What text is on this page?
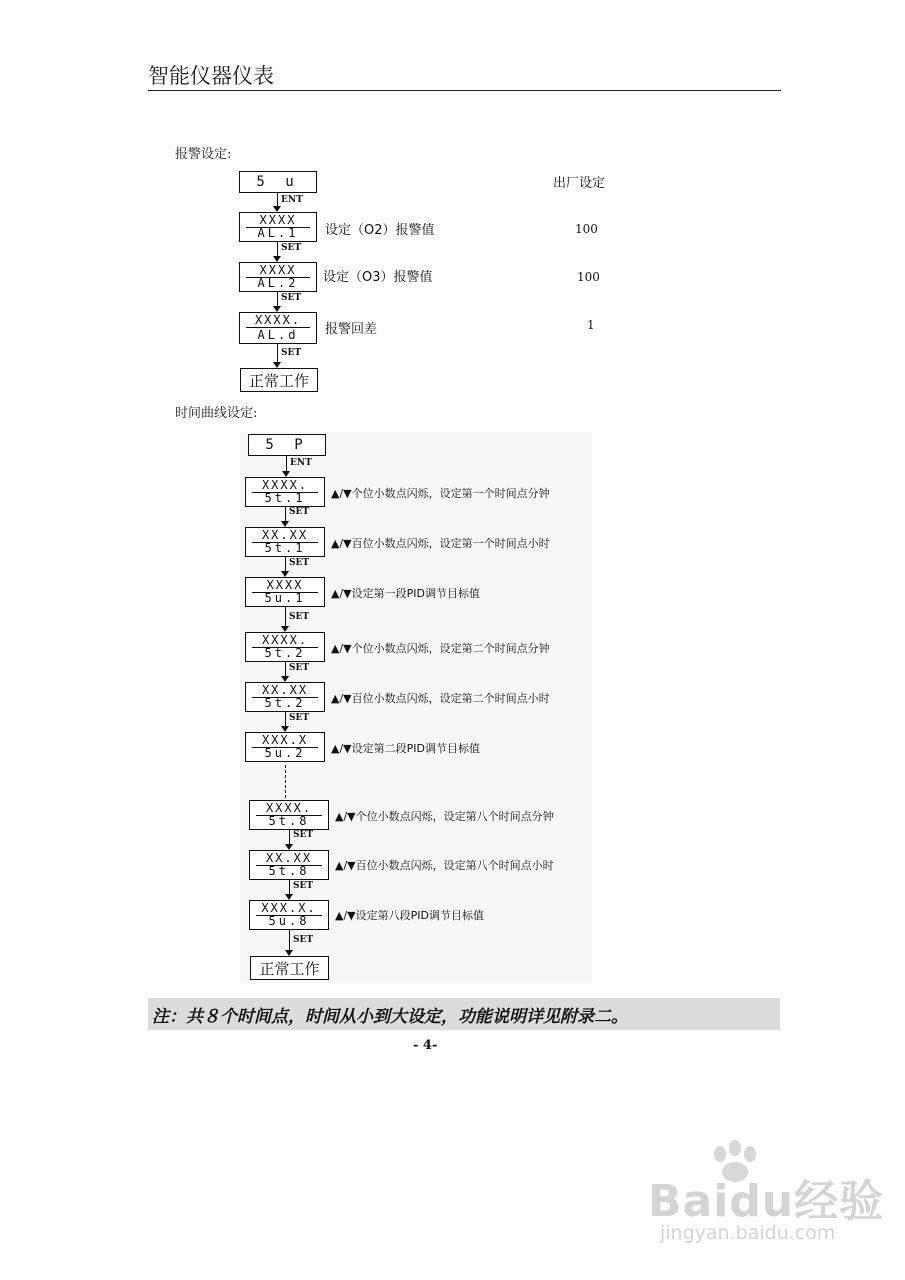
智能仪器仪表
报警设定:
出厂设定
5 u
ENT
XXXX
AL.1	设定（O2）报警值	100
SET
XXXX
AL.2	设定（O3）报警值	100
SET
XXXX.
AL.d	报警回差	1
SET
正常工作
时间曲线设定:
5 P
ENT
XXXX.
5t.1	▲/▼个位小数点闪烁，设定第一个时间点分钟
SET
XX.XX
5t.1	▲/▼百位小数点闪烁，设定第一个时间点小时
SET
XXXX
5u.1	▲/▼设定第一段PID调节目标值
SET
XXXX.
5t.2	▲/▼个位小数点闪烁，设定第二个时间点分钟
SET
XX.XX
5t.2	▲/▼百位小数点闪烁，设定第二个时间点小时
SET
XXX.X
5u.2	▲/▼设定第二段PID调节目标值
XXXX.
5t.8	▲/▼个位小数点闪烁，设定第八个时间点分钟
SET
XX.XX
5t.8	▲/▼百位小数点闪烁，设定第八个时间点小时
SET
XXX.X.
5u.8	▲/▼设定第八段PID调节目标值
SET
正常工作
注：共８个时间点，时间从小到大设定，功能说明详见附录二。
- 4-
Baidu经验
jingyan.baidu.com
